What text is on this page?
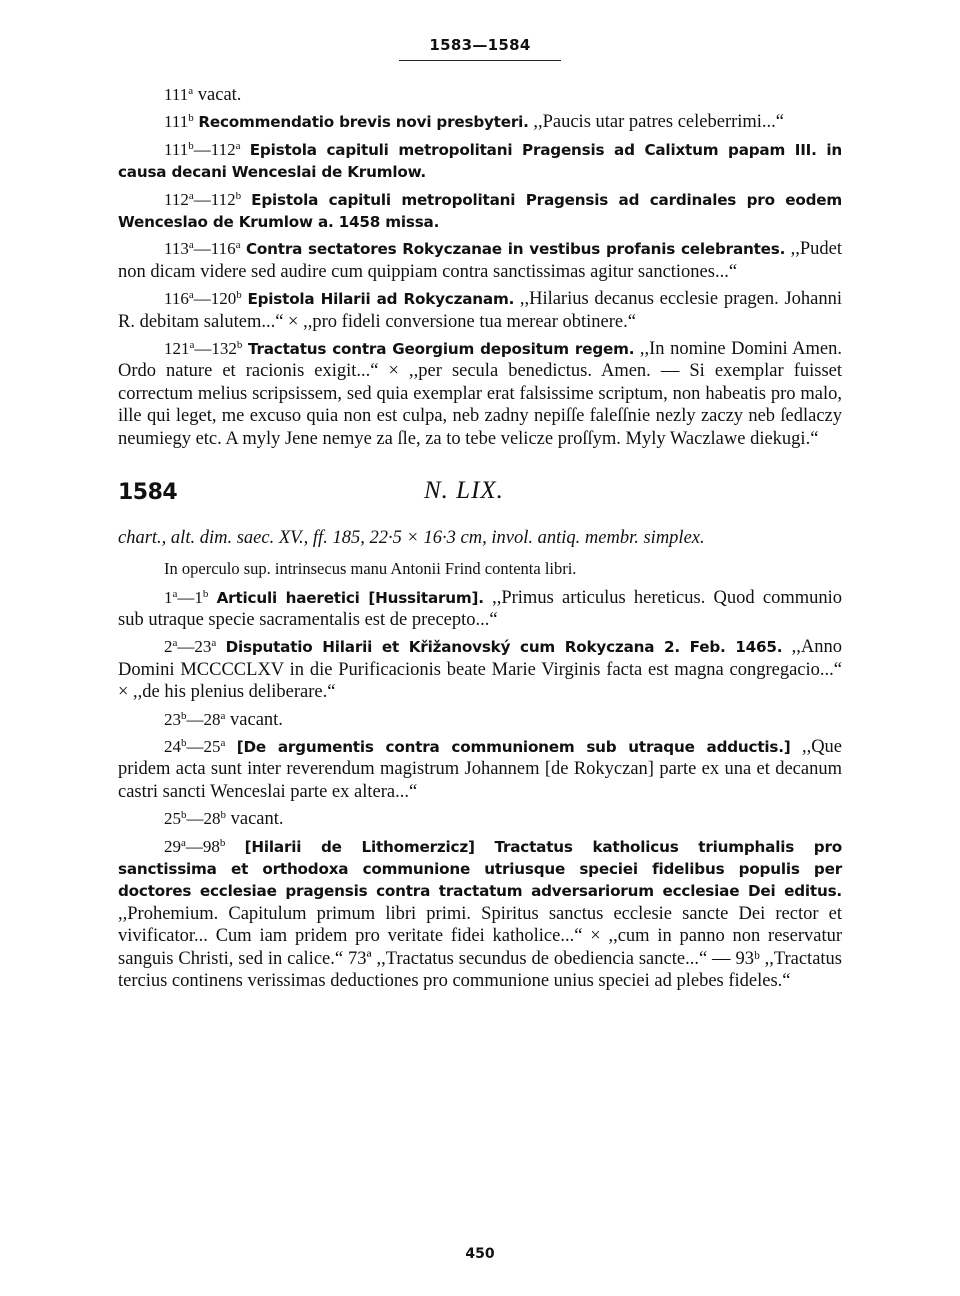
1583—1584

111$^a$ vacat.

111$^b$ Recommendatio brevis novi presbyteri. ,,Paucis utar patres celeberrimi...“

111$^b$—112$^a$ Epistola capituli metropolitani Pragensis ad Calixtum papam III. in causa decani Wenceslai de Krumlow.

112$^a$—112$^b$ Epistola capituli metropolitani Pragensis ad cardinales pro eodem Wenceslao de Krumlow a. 1458 missa.

113$^a$—116$^a$ Contra sectatores Rokyczanae in vestibus profanis celebrantes. ,,Pudet non dicam videre sed audire cum quippiam contra sanctissimas agitur sanctiones...“

116$^a$—120$^b$ Epistola Hilarii ad Rokyczanam. ,,Hilarius decanus ecclesie pragen. Johanni R. debitam salutem...“ × ,,pro fideli conversione tua merear obtinere.“

121$^a$—132$^b$ Tractatus contra Georgium depositum regem. ,,In nomine Domini Amen. Ordo nature et racionis exigit...“ × ,,per secula benedictus. Amen. — Si exemplar fuisset correctum melius scripsissem, sed quia exemplar erat falsissime scriptum, non habeatis pro malo, ille qui leget, me excuso quia non est culpa, neb zadny nepiſſe faleſſnie nezly zaczy neb ſedlaczy neumiegy etc. A myly Jene nemye za ſle, za to tebe velicze proſſym. Myly Waczlawe diekugi.“

1584	N. LIX.

chart., alt. dim. saec. XV., ff. 185, 22·5 × 16·3 cm, invol. antiq. membr. simplex.

In operculo sup. intrinsecus manu Antonii Frind contenta libri.

1$^a$—1$^b$ Articuli haeretici [Hussitarum]. ,,Primus articulus hereticus. Quod communio sub utraque specie sacramentalis est de precepto...“

2$^a$—23$^a$ Disputatio Hilarii et Křižanovský cum Rokyczana 2. Feb. 1465. ,,Anno Domini MCCCCLXV in die Purificacionis beate Marie Virginis facta est magna congregacio...“ × ,,de his plenius deliberare.“

23$^b$—28$^a$ vacant.

24$^b$—25$^a$ [De argumentis contra communionem sub utraque adductis.] ,,Que pridem acta sunt inter reverendum magistrum Johannem [de Rokyczan] parte ex una et decanum castri sancti Wenceslai parte ex altera...“

25$^b$—28$^b$ vacant.

29$^a$—98$^b$ [Hilarii de Lithomerzicz] Tractatus katholicus triumphalis pro sanctissima et orthodoxa communione utriusque speciei fidelibus populis per doctores ecclesiae pragensis contra tractatum adversariorum ecclesiae Dei editus. ,,Prohemium. Capitulum primum libri primi. Spiritus sanctus ecclesie sancte Dei rector et vivificator... Cum iam pridem pro veritate fidei katholice...“ × ,,cum in panno non reservatur sanguis Christi, sed in calice.“ 73ª ,,Tractatus secundus de obediencia sancte...“ — 93ᵇ ,,Tractatus tercius continens verissimas deductiones pro communione unius speciei ad plebes fideles.“

450
